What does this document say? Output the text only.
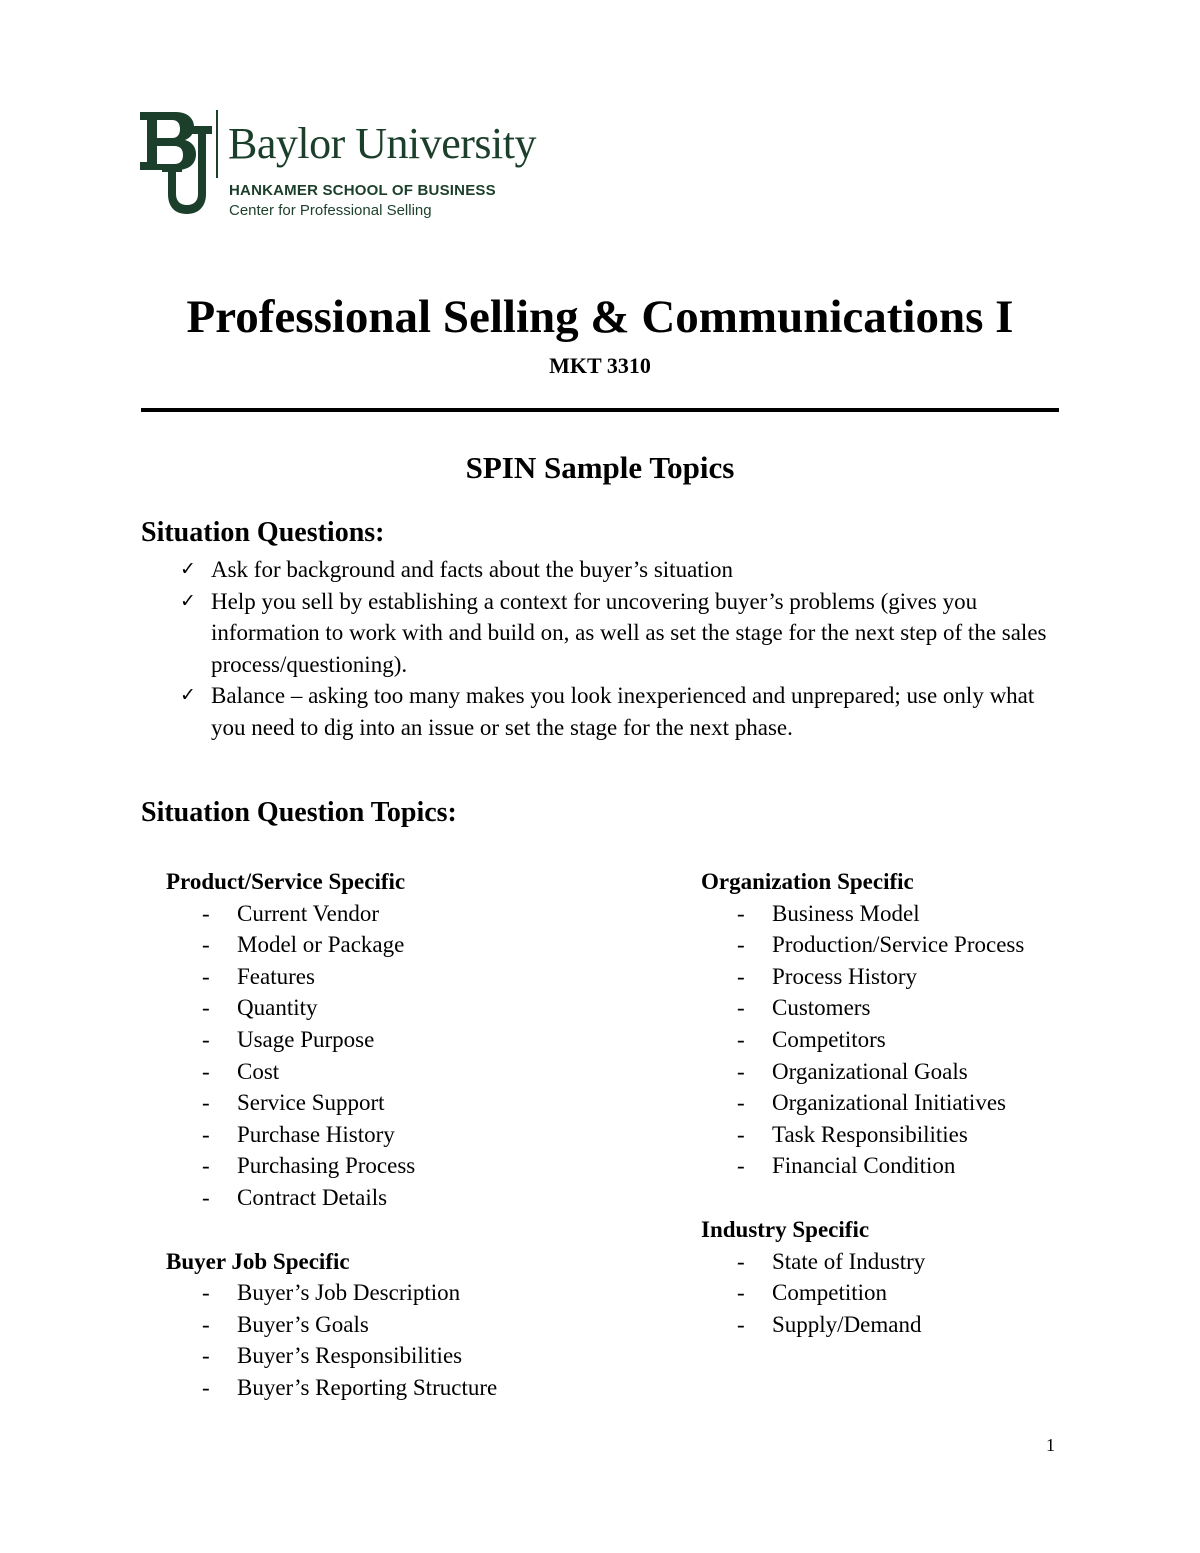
Baylor University
HANKAMER SCHOOL OF BUSINESS
Center for Professional Selling
Professional Selling & Communications I
MKT 3310
SPIN Sample Topics
Situation Questions:
✓ Ask for background and facts about the buyer’s situation
✓ Help you sell by establishing a context for uncovering buyer’s problems (gives you information to work with and build on, as well as set the stage for the next step of the sales process/questioning).
✓ Balance – asking too many makes you look inexperienced and unprepared; use only what you need to dig into an issue or set the stage for the next phase.
Situation Question Topics:
Product/Service Specific
- Current Vendor
- Model or Package
- Features
- Quantity
- Usage Purpose
- Cost
- Service Support
- Purchase History
- Purchasing Process
- Contract Details
Buyer Job Specific
- Buyer’s Job Description
- Buyer’s Goals
- Buyer’s Responsibilities
- Buyer’s Reporting Structure
Organization Specific
- Business Model
- Production/Service Process
- Process History
- Customers
- Competitors
- Organizational Goals
- Organizational Initiatives
- Task Responsibilities
- Financial Condition
Industry Specific
- State of Industry
- Competition
- Supply/Demand
1
